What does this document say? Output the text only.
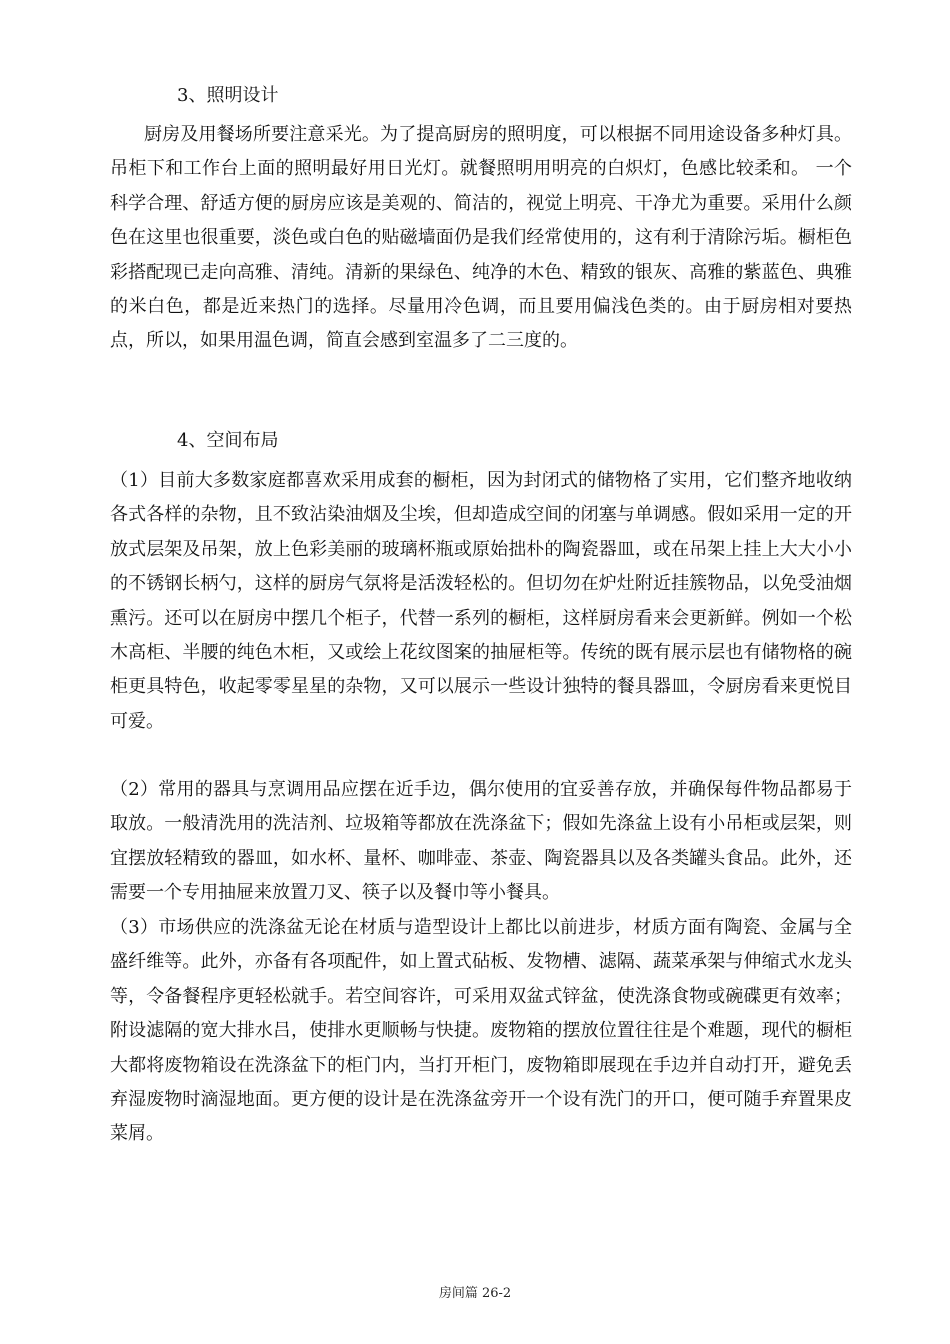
3、照明设计

厨房及用餐场所要注意采光。为了提高厨房的照明度，可以根据不同用途设备多种灯具。吊柜下和工作台上面的照明最好用日光灯。就餐照明用明亮的白炽灯，色感比较柔和。 一个科学合理、舒适方便的厨房应该是美观的、简洁的，视觉上明亮、干净尤为重要。采用什么颜色在这里也很重要，淡色或白色的贴磁墙面仍是我们经常使用的，这有利于清除污垢。橱柜色彩搭配现已走向高雅、清纯。清新的果绿色、纯净的木色、精致的银灰、高雅的紫蓝色、典雅的米白色，都是近来热门的选择。尽量用冷色调，而且要用偏浅色类的。由于厨房相对要热点，所以，如果用温色调，简直会感到室温多了二三度的。

4、空间布局

（1）目前大多数家庭都喜欢采用成套的橱柜，因为封闭式的储物格了实用，它们整齐地收纳各式各样的杂物，且不致沾染油烟及尘埃，但却造成空间的闭塞与单调感。假如采用一定的开放式层架及吊架，放上色彩美丽的玻璃杯瓶或原始拙朴的陶瓷器皿，或在吊架上挂上大大小小的不锈钢长柄勺，这样的厨房气氛将是活泼轻松的。但切勿在炉灶附近挂簇物品，以免受油烟熏污。还可以在厨房中摆几个柜子，代替一系列的橱柜，这样厨房看来会更新鲜。例如一个松木高柜、半腰的纯色木柜，又或绘上花纹图案的抽屉柜等。传统的既有展示层也有储物格的碗柜更具特色，收起零零星星的杂物，又可以展示一些设计独特的餐具器皿，令厨房看来更悦目可爱。

（2）常用的器具与烹调用品应摆在近手边，偶尔使用的宜妥善存放，并确保每件物品都易于取放。一般清洗用的洗洁剂、垃圾箱等都放在洗涤盆下；假如先涤盆上设有小吊柜或层架，则宜摆放轻精致的器皿，如水杯、量杯、咖啡壶、茶壶、陶瓷器具以及各类罐头食品。此外，还需要一个专用抽屉来放置刀叉、筷子以及餐巾等小餐具。

（3）市场供应的洗涤盆无论在材质与造型设计上都比以前进步，材质方面有陶瓷、金属与全盛纤维等。此外，亦备有各项配件，如上置式砧板、发物槽、滤隔、蔬菜承架与伸缩式水龙头等，令备餐程序更轻松就手。若空间容许，可采用双盆式锌盆，使洗涤食物或碗碟更有效率；附设滤隔的宽大排水吕，使排水更顺畅与快捷。废物箱的摆放位置往往是个难题，现代的橱柜大都将废物箱设在洗涤盆下的柜门内，当打开柜门，废物箱即展现在手边并自动打开，避免丢弃湿废物时滴湿地面。更方便的设计是在洗涤盆旁开一个设有洗门的开口，便可随手弃置果皮菜屑。

房间篇 26-2
